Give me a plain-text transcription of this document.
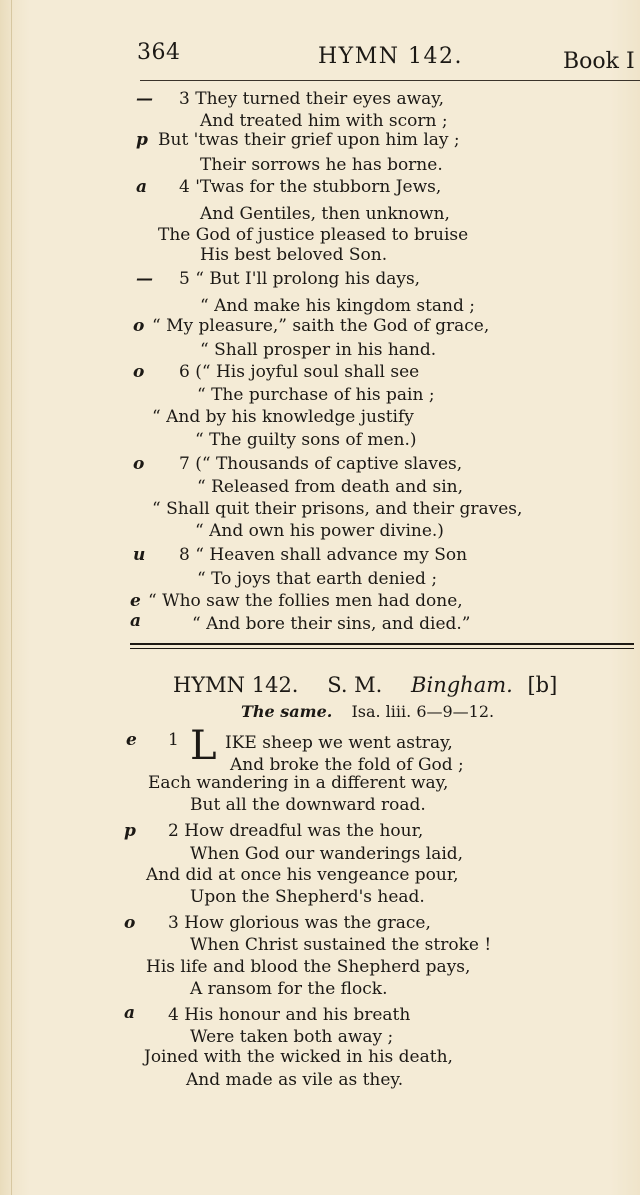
364	HYMN 142.	Book I
— 3 They turned their eyes away,
And treated him with scorn ;
p But 'twas their grief upon him lay ;
Their sorrows he has borne.
a 4 'Twas for the stubborn Jews,
And Gentiles, then unknown,
The God of justice pleased to bruise
His best beloved Son.
— 5 “ But I'll prolong his days,
“ And make his kingdom stand ;
o “ My pleasure,” saith the God of grace,
“ Shall prosper in his hand.
o 6 (“ His joyful soul shall see
“ The purchase of his pain ;
“ And by his knowledge justify
“ The guilty sons of men.)
o 7 (“ Thousands of captive slaves,
“ Released from death and sin,
“ Shall quit their prisons, and their graves,
“ And own his power divine.)
u 8 “ Heaven shall advance my Son
“ To joys that earth denied ;
e “ Who saw the follies men had done,
a	“ And bore their sins, and died.”
HYMN 142. S. M. Bingham. [b]
The same. Isa. liii. 6—9—12.
e 1 L IKE sheep we went astray,
And broke the fold of God ;
Each wandering in a different way,
But all the downward road.
p 2 How dreadful was the hour,
When God our wanderings laid,
And did at once his vengeance pour,
Upon the Shepherd's head.
o 3 How glorious was the grace,
When Christ sustained the stroke !
His life and blood the Shepherd pays,
A ransom for the flock.
a 4 His honour and his breath
Were taken both away ;
Joined with the wicked in his death,
And made as vile as they.
